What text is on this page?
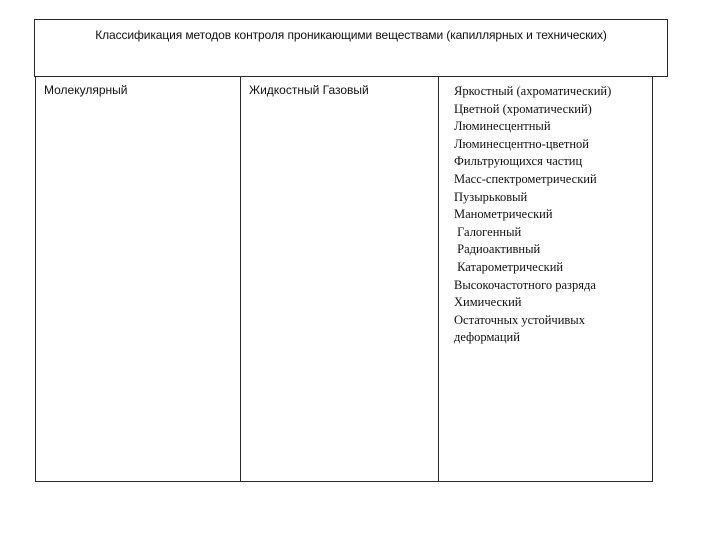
Классификация методов контроля проникающими веществами (капиллярных и технических)
Молекулярный	Жидкостный Газовый	Яркостный (ахроматический)
Цветной (хроматический)
Люминесцентный
Люминесцентно-цветной
Фильтрующихся частиц
Масс-спектрометрический
Пузырьковый
Манометрический
Галогенный
Радиоактивный
Катарометрический
Высокочастотного разряда
Химический
Остаточных устойчивых
деформаций
